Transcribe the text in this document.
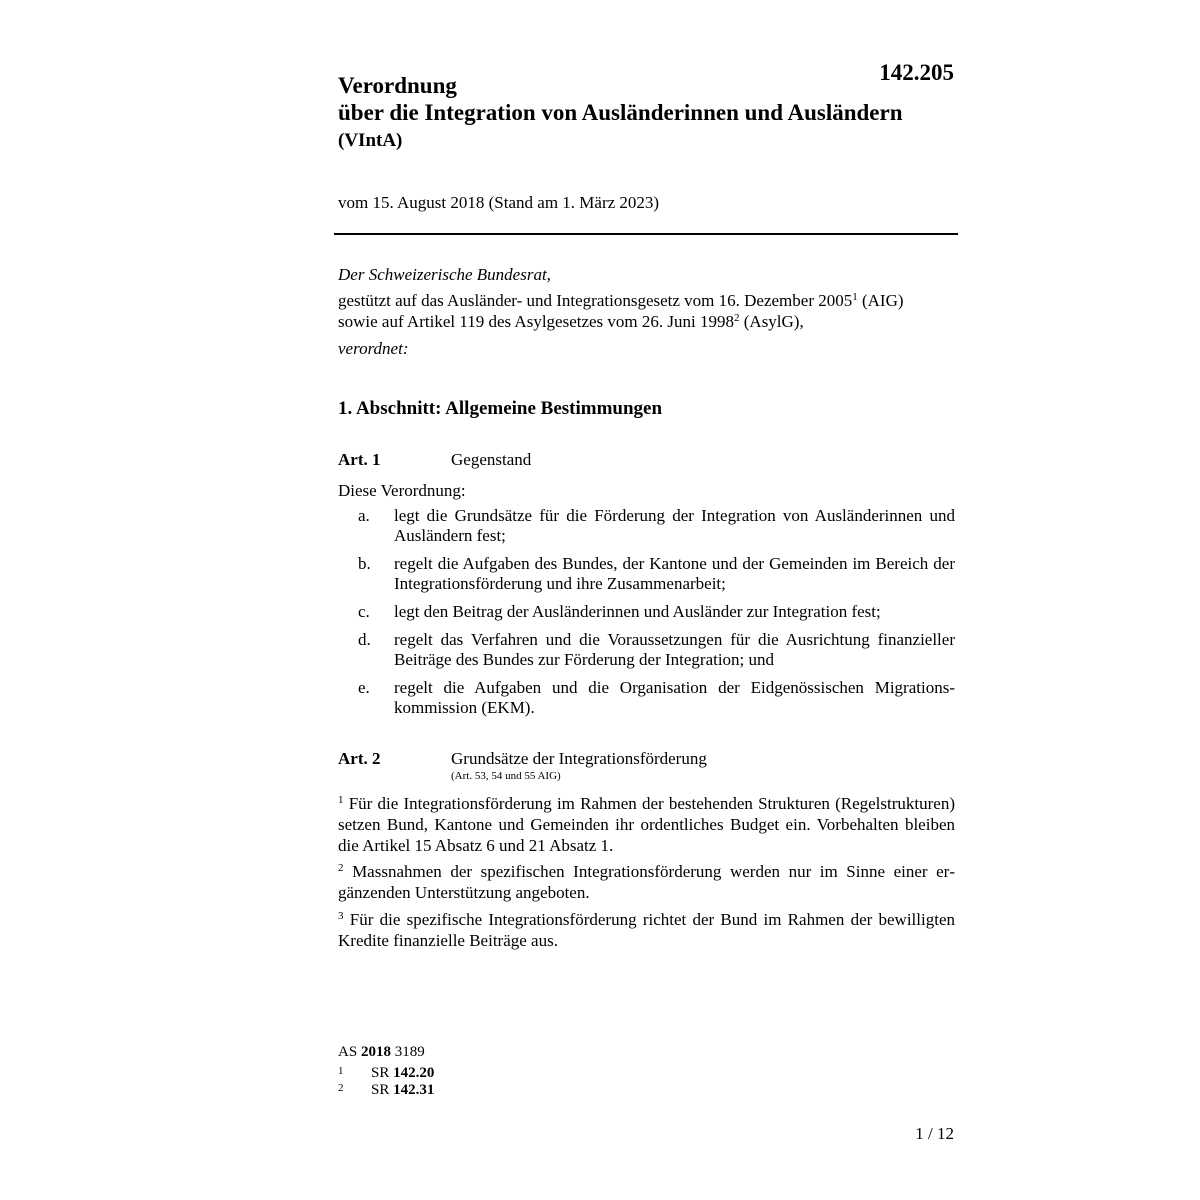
142.205
Verordnung
über die Integration von Ausländerinnen und Ausländern
(VIntA)
vom 15. August 2018 (Stand am 1. März 2023)
Der Schweizerische Bundesrat,
gestützt auf das Ausländer- und Integrationsgesetz vom 16. Dezember 2005$^1$ (AIG)
sowie auf Artikel 119 des Asylgesetzes vom 26. Juni 1998$^2$ (AsylG),
verordnet:
1. Abschnitt: Allgemeine Bestimmungen
Art. 1	Gegenstand
Diese Verordnung:
a. legt die Grundsätze für die Förderung der Integration von Ausländerinnen und Ausländern fest;
b. regelt die Aufgaben des Bundes, der Kantone und der Gemeinden im Bereich der Integrationsförderung und ihre Zusammenarbeit;
c. legt den Beitrag der Ausländerinnen und Ausländer zur Integration fest;
d. regelt das Verfahren und die Voraussetzungen für die Ausrichtung finanzieller Beiträge des Bundes zur Förderung der Integration; und
e. regelt die Aufgaben und die Organisation der Eidgenössischen Migrationskommission (EKM).
Art. 2	Grundsätze der Integrationsförderung
(Art. 53, 54 und 55 AIG)
$^1$ Für die Integrationsförderung im Rahmen der bestehenden Strukturen (Regelstrukturen) setzen Bund, Kantone und Gemeinden ihr ordentliches Budget ein. Vorbehalten bleiben die Artikel 15 Absatz 6 und 21 Absatz 1.
$^2$ Massnahmen der spezifischen Integrationsförderung werden nur im Sinne einer ergänzenden Unterstützung angeboten.
$^3$ Für die spezifische Integrationsförderung richtet der Bund im Rahmen der bewilligten Kredite finanzielle Beiträge aus.
AS 2018 3189
1 SR 142.20
2 SR 142.31
1 / 12
